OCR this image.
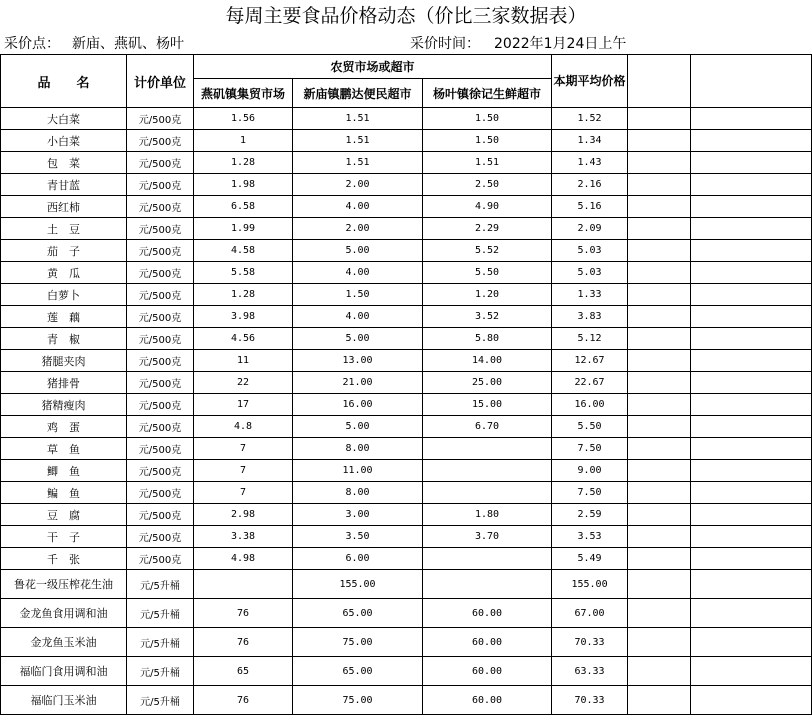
每周主要食品价格动态（价比三家数据表）
采价点： 新庙、燕矶、杨叶	采价时间： 2022年1月24日上午
品　　名	计价单位	农贸市场或超市			本期平均价格		
		燕矶镇集贸市场	新庙镇鹏达便民超市	杨叶镇徐记生鲜超市			
大白菜	元/500克	1.56	1.51	1.50	1.52		
小白菜	元/500克	1	1.51	1.50	1.34		
包　菜	元/500克	1.28	1.51	1.51	1.43		
青甘蓝	元/500克	1.98	2.00	2.50	2.16		
西红柿	元/500克	6.58	4.00	4.90	5.16		
土　豆	元/500克	1.99	2.00	2.29	2.09		
茄　子	元/500克	4.58	5.00	5.52	5.03		
黄　瓜	元/500克	5.58	4.00	5.50	5.03		
白萝卜	元/500克	1.28	1.50	1.20	1.33		
莲　藕	元/500克	3.98	4.00	3.52	3.83		
青　椒	元/500克	4.56	5.00	5.80	5.12		
猪腿夹肉	元/500克	11	13.00	14.00	12.67		
猪排骨	元/500克	22	21.00	25.00	22.67		
猪精瘦肉	元/500克	17	16.00	15.00	16.00		
鸡　蛋	元/500克	4.8	5.00	6.70	5.50		
草　鱼	元/500克	7	8.00		7.50		
鲫　鱼	元/500克	7	11.00		9.00		
鳊　鱼	元/500克	7	8.00		7.50		
豆　腐	元/500克	2.98	3.00	1.80	2.59		
干　子	元/500克	3.38	3.50	3.70	3.53		
千　张	元/500克	4.98	6.00		5.49		
鲁花一级压榨花生油	元/5升桶		155.00		155.00		
金龙鱼食用调和油	元/5升桶	76	65.00	60.00	67.00		
金龙鱼玉米油	元/5升桶	76	75.00	60.00	70.33		
福临门食用调和油	元/5升桶	65	65.00	60.00	63.33		
福临门玉米油	元/5升桶	76	75.00	60.00	70.33		
